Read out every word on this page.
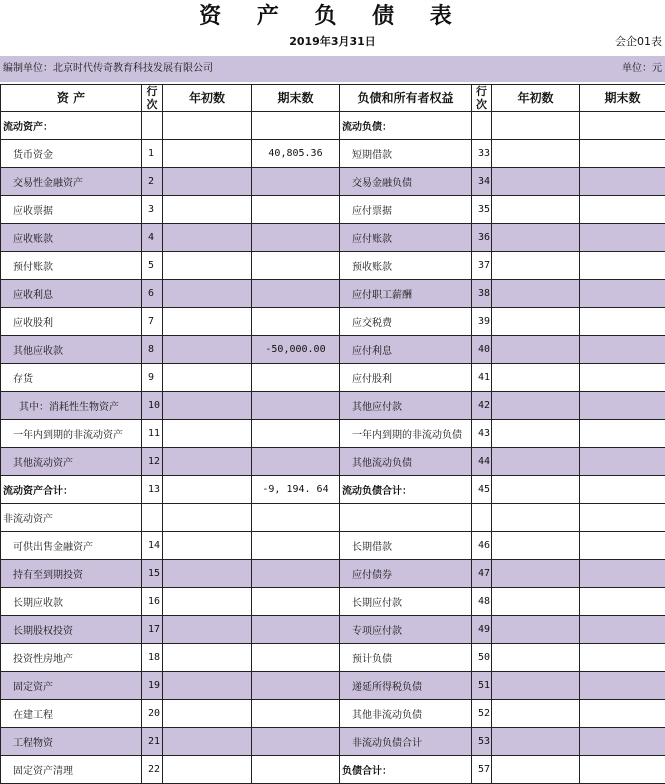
资 产 负 债 表
2019年3月31日	会企01表
编制单位：北京时代传奇教育科技发展有限公司	单位：元
资 产	行次	年初数	期末数	负债和所有者权益	行次	年初数	期末数
流动资产：				流动负债：			
货币资金	1		40,805.36	短期借款	33		
交易性金融资产	2			交易金融负债	34		
应收票据	3			应付票据	35		
应收账款	4			应付账款	36		
预付账款	5			预收账款	37		
应收利息	6			应付职工薪酬	38		
应收股利	7			应交税费	39		
其他应收款	8		-50,000.00	应付利息	40		
存货	9			应付股利	41		
其中：消耗性生物资产	10			其他应付款	42		
一年内到期的非流动资产	11			一年内到期的非流动负债	43		
其他流动资产	12			其他流动负债	44		
流动资产合计：	13		-9, 194. 64	流动负债合计：	45		
非流动资产							
可供出售金融资产	14			长期借款	46		
持有至到期投资	15			应付债券	47		
长期应收款	16			长期应付款	48		
长期股权投资	17			专项应付款	49		
投资性房地产	18			预计负债	50		
固定资产	19			递延所得税负债	51		
在建工程	20			其他非流动负债	52		
工程物资	21			非流动负债合计	53		
固定资产清理	22			负债合计：	57		
